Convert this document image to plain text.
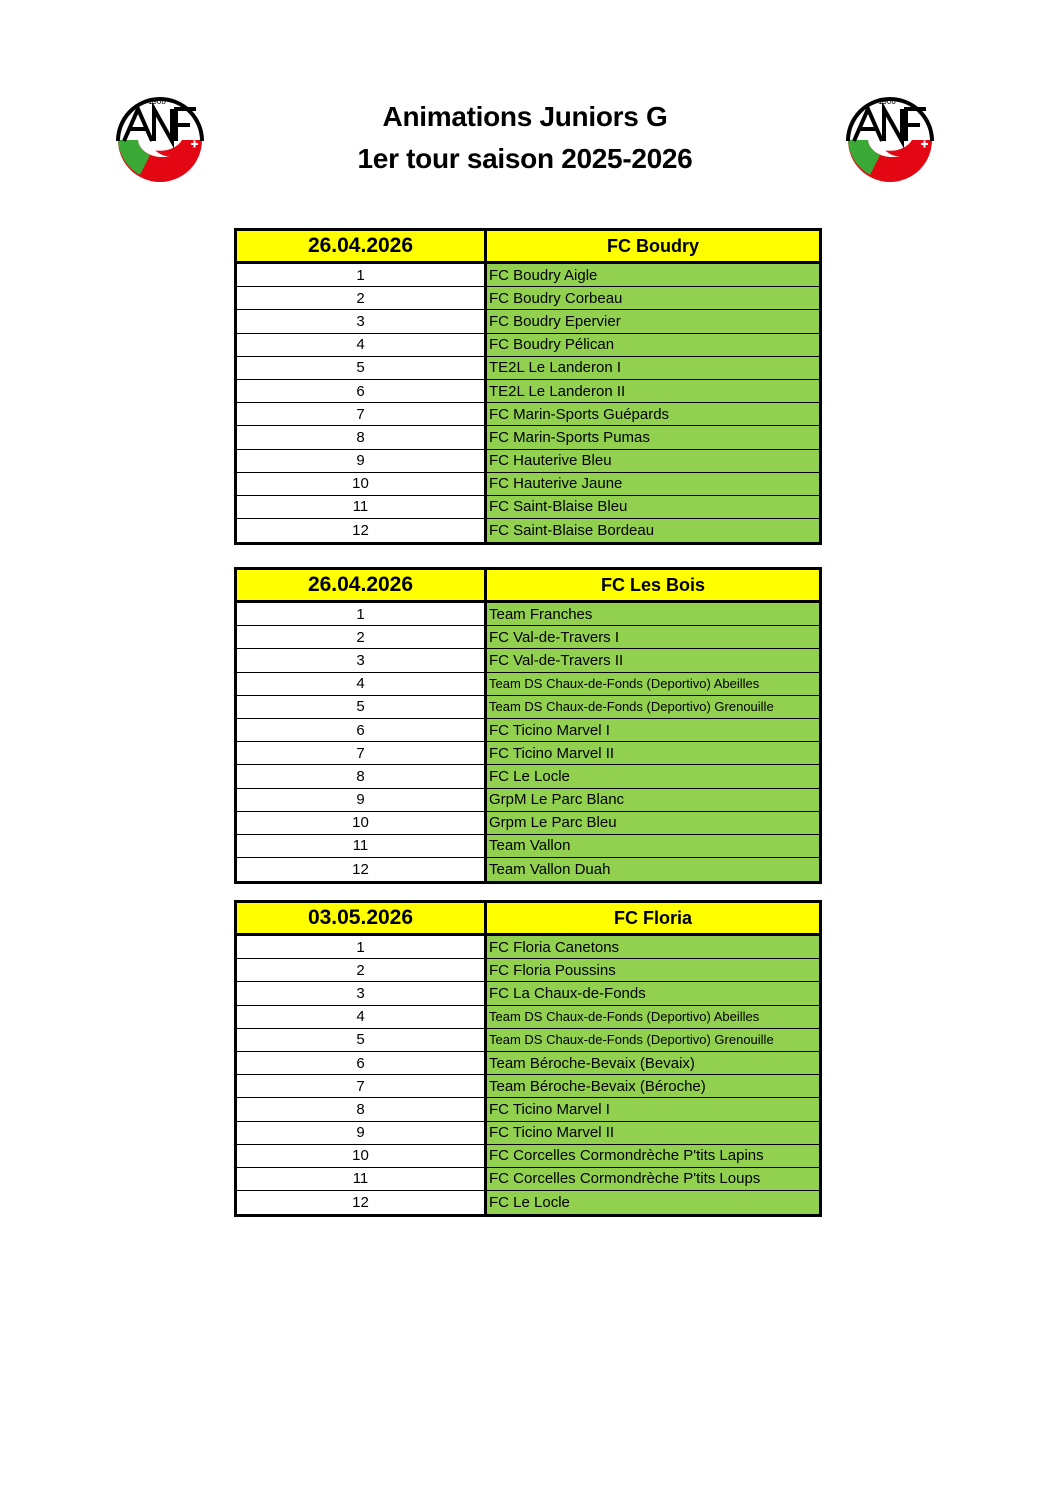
1908	1908
Animations Juniors G
1er tour saison 2025-2026
26.04.2026	FC Boudry
1	FC Boudry Aigle
2	FC Boudry Corbeau
3	FC Boudry Epervier
4	FC Boudry Pélican
5	TE2L Le Landeron I
6	TE2L Le Landeron II
7	FC Marin-Sports Guépards
8	FC Marin-Sports Pumas
9	FC Hauterive Bleu
10	FC Hauterive Jaune
11	FC Saint-Blaise Bleu
12	FC Saint-Blaise Bordeau
26.04.2026	FC Les Bois
1	Team Franches
2	FC Val-de-Travers I
3	FC Val-de-Travers II
4	Team DS Chaux-de-Fonds (Deportivo) Abeilles
5	Team DS Chaux-de-Fonds (Deportivo) Grenouille
6	FC Ticino Marvel I
7	FC Ticino Marvel II
8	FC Le Locle
9	GrpM Le Parc Blanc
10	Grpm Le Parc Bleu
11	Team Vallon
12	Team Vallon Duah
03.05.2026	FC Floria
1	FC Floria Canetons
2	FC Floria Poussins
3	FC La Chaux-de-Fonds
4	Team DS Chaux-de-Fonds (Deportivo) Abeilles
5	Team DS Chaux-de-Fonds (Deportivo) Grenouille
6	Team Béroche-Bevaix (Bevaix)
7	Team Béroche-Bevaix (Béroche)
8	FC Ticino Marvel I
9	FC Ticino Marvel II
10	FC Corcelles Cormondrèche P'tits Lapins
11	FC Corcelles Cormondrèche P'tits Loups
12	FC Le Locle
